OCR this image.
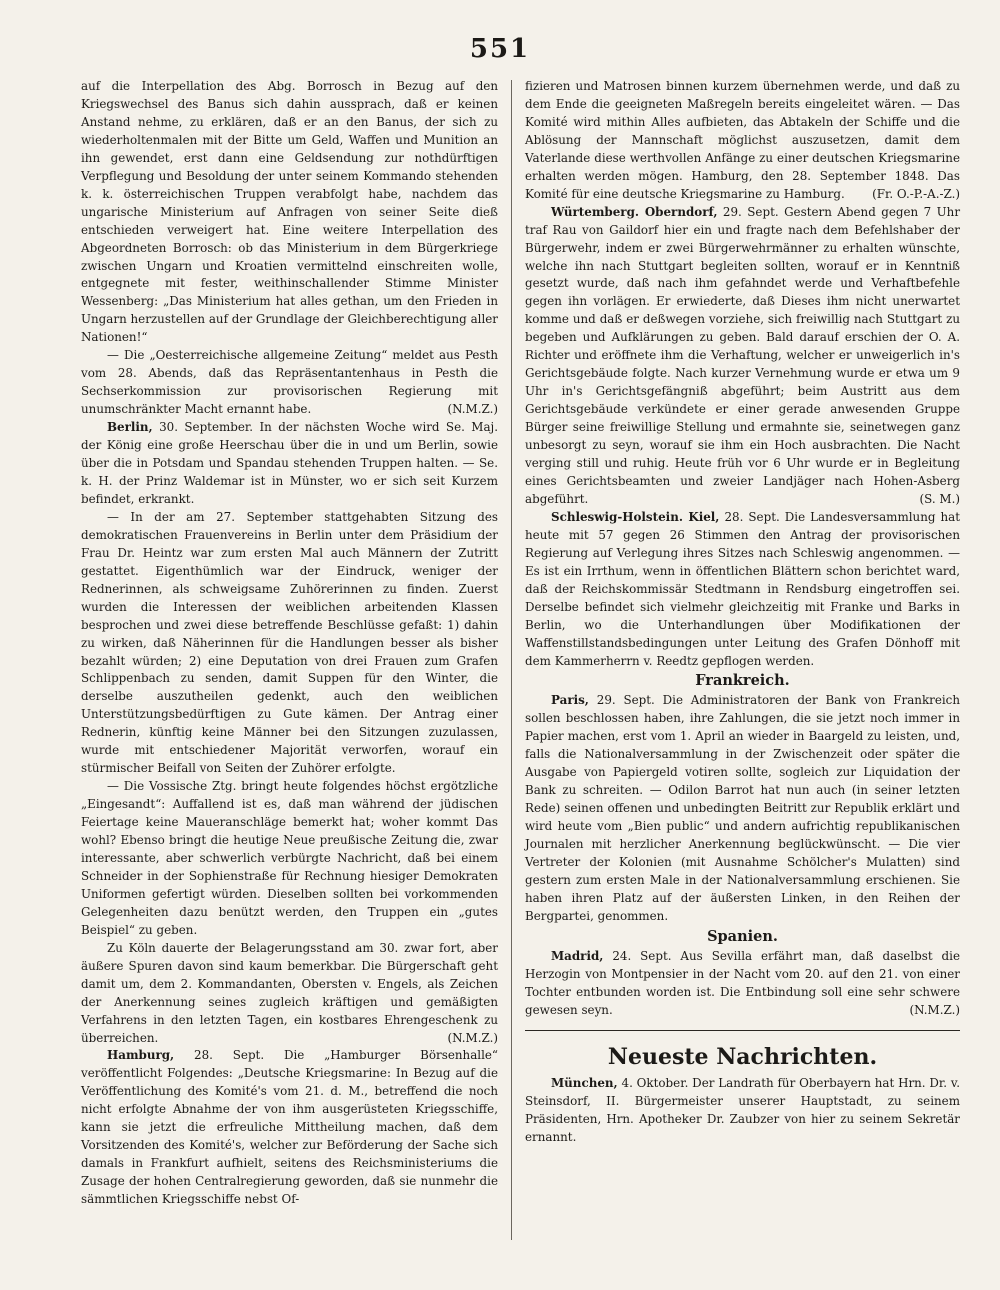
551

auf die Interpellation des Abg. Borrosch in Bezug auf den Kriegswechsel des Banus sich dahin aussprach, daß er keinen Anstand nehme, zu erklären, daß er an den Banus, der sich zu wiederholtenmalen mit der Bitte um Geld, Waffen und Munition an ihn gewendet, erst dann eine Geldsendung zur nothdürftigen Verpflegung und Besoldung der unter seinem Kommando stehenden k. k. österreichischen Truppen verabfolgt habe, nachdem das ungarische Ministerium auf Anfragen von seiner Seite dieß entschieden verweigert hat. Eine weitere Interpellation des Abgeordneten Borrosch: ob das Ministerium in dem Bürgerkriege zwischen Ungarn und Kroatien vermittelnd einschreiten wolle, entgegnete mit fester, weithinschallender Stimme Minister Wessenberg: „Das Ministerium hat alles gethan, um den Frieden in Ungarn herzustellen auf der Grundlage der Gleichberechtigung aller Nationen!“

— Die „Oesterreichische allgemeine Zeitung“ meldet aus Pesth vom 28. Abends, daß das Repräsentantenhaus in Pesth die Sechserkommission zur provisorischen Regierung mit unumschränkter Macht ernannt habe.	(N.M.Z.)

Berlin, 30. September. In der nächsten Woche wird Se. Maj. der König eine große Heerschau über die in und um Berlin, sowie über die in Potsdam und Spandau stehenden Truppen halten. — Se. k. H. der Prinz Waldemar ist in Münster, wo er sich seit Kurzem befindet, erkrankt.

— In der am 27. September stattgehabten Sitzung des demokratischen Frauenvereins in Berlin unter dem Präsidium der Frau Dr. Heintz war zum ersten Mal auch Männern der Zutritt gestattet. Eigenthümlich war der Eindruck, weniger der Rednerinnen, als schweigsame Zuhörerinnen zu finden. Zuerst wurden die Interessen der weiblichen arbeitenden Klassen besprochen und zwei diese betreffende Beschlüsse gefaßt: 1) dahin zu wirken, daß Näherinnen für die Handlungen besser als bisher bezahlt würden; 2) eine Deputation von drei Frauen zum Grafen Schlippenbach zu senden, damit Suppen für den Winter, die derselbe auszutheilen gedenkt, auch den weiblichen Unterstützungsbedürftigen zu Gute kämen. Der Antrag einer Rednerin, künftig keine Männer bei den Sitzungen zuzulassen, wurde mit entschiedener Majorität verworfen, worauf ein stürmischer Beifall von Seiten der Zuhörer erfolgte.

— Die Vossische Ztg. bringt heute folgendes höchst ergötzliche „Eingesandt“: Auffallend ist es, daß man während der jüdischen Feiertage keine Maueranschläge bemerkt hat; woher kommt Das wohl? Ebenso bringt die heutige Neue preußische Zeitung die, zwar interessante, aber schwerlich verbürgte Nachricht, daß bei einem Schneider in der Sophienstraße für Rechnung hiesiger Demokraten Uniformen gefertigt würden. Dieselben sollten bei vorkommenden Gelegenheiten dazu benützt werden, den Truppen ein „gutes Beispiel“ zu geben.

Zu Köln dauerte der Belagerungsstand am 30. zwar fort, aber äußere Spuren davon sind kaum bemerkbar. Die Bürgerschaft geht damit um, dem 2. Kommandanten, Obersten v. Engels, als Zeichen der Anerkennung seines zugleich kräftigen und gemäßigten Verfahrens in den letzten Tagen, ein kostbares Ehrengeschenk zu überreichen.	(N.M.Z.)

Hamburg, 28. Sept. Die „Hamburger Börsenhalle“ veröffentlicht Folgendes: „Deutsche Kriegsmarine: In Bezug auf die Veröffentlichung des Komité's vom 21. d. M., betreffend die noch nicht erfolgte Abnahme der von ihm ausgerüsteten Kriegsschiffe, kann sie jetzt die erfreuliche Mittheilung machen, daß dem Vorsitzenden des Komité's, welcher zur Beförderung der Sache sich damals in Frankfurt aufhielt, seitens des Reichsministeriums die Zusage der hohen Centralregierung geworden, daß sie nunmehr die sämmtlichen Kriegsschiffe nebst Of-

fizieren und Matrosen binnen kurzem übernehmen werde, und daß zu dem Ende die geeigneten Maßregeln bereits eingeleitet wären. — Das Komité wird mithin Alles aufbieten, das Abtakeln der Schiffe und die Ablösung der Mannschaft möglichst auszusetzen, damit dem Vaterlande diese werthvollen Anfänge zu einer deutschen Kriegsmarine erhalten werden mögen. Hamburg, den 28. September 1848. Das Komité für eine deutsche Kriegsmarine zu Hamburg.	(Fr. O.-P.-A.-Z.)

Würtemberg. Oberndorf, 29. Sept. Gestern Abend gegen 7 Uhr traf Rau von Gaildorf hier ein und fragte nach dem Befehlshaber der Bürgerwehr, indem er zwei Bürgerwehrmänner zu erhalten wünschte, welche ihn nach Stuttgart begleiten sollten, worauf er in Kenntniß gesetzt wurde, daß nach ihm gefahndet werde und Verhaftbefehle gegen ihn vorlägen. Er erwiederte, daß Dieses ihm nicht unerwartet komme und daß er deßwegen vorziehe, sich freiwillig nach Stuttgart zu begeben und Aufklärungen zu geben. Bald darauf erschien der O. A. Richter und eröffnete ihm die Verhaftung, welcher er unweigerlich in's Gerichtsgebäude folgte. Nach kurzer Vernehmung wurde er etwa um 9 Uhr in's Gerichtsgefängniß abgeführt; beim Austritt aus dem Gerichtsgebäude verkündete er einer gerade anwesenden Gruppe Bürger seine freiwillige Stellung und ermahnte sie, seinetwegen ganz unbesorgt zu seyn, worauf sie ihm ein Hoch ausbrachten. Die Nacht verging still und ruhig. Heute früh vor 6 Uhr wurde er in Begleitung eines Gerichtsbeamten und zweier Landjäger nach Hohen-Asberg abgeführt.	(S. M.)

Schleswig-Holstein. Kiel, 28. Sept. Die Landesversammlung hat heute mit 57 gegen 26 Stimmen den Antrag der provisorischen Regierung auf Verlegung ihres Sitzes nach Schleswig angenommen. — Es ist ein Irrthum, wenn in öffentlichen Blättern schon berichtet ward, daß der Reichskommissär Stedtmann in Rendsburg eingetroffen sei. Derselbe befindet sich vielmehr gleichzeitig mit Franke und Barks in Berlin, wo die Unterhandlungen über Modifikationen der Waffenstillstandsbedingungen unter Leitung des Grafen Dönhoff mit dem Kammerherrn v. Reedtz gepflogen werden.

Frankreich.

Paris, 29. Sept. Die Administratoren der Bank von Frankreich sollen beschlossen haben, ihre Zahlungen, die sie jetzt noch immer in Papier machen, erst vom 1. April an wieder in Baargeld zu leisten, und, falls die Nationalversammlung in der Zwischenzeit oder später die Ausgabe von Papiergeld votiren sollte, sogleich zur Liquidation der Bank zu schreiten. — Odilon Barrot hat nun auch (in seiner letzten Rede) seinen offenen und unbedingten Beitritt zur Republik erklärt und wird heute vom „Bien public“ und andern aufrichtig republikanischen Journalen mit herzlicher Anerkennung beglückwünscht. — Die vier Vertreter der Kolonien (mit Ausnahme Schölcher's Mulatten) sind gestern zum ersten Male in der Nationalversammlung erschienen. Sie haben ihren Platz auf der äußersten Linken, in den Reihen der Bergpartei, genommen.

Spanien.

Madrid, 24. Sept. Aus Sevilla erfährt man, daß daselbst die Herzogin von Montpensier in der Nacht vom 20. auf den 21. von einer Tochter entbunden worden ist. Die Entbindung soll eine sehr schwere gewesen seyn.	(N.M.Z.)

Neueste Nachrichten.

München, 4. Oktober. Der Landrath für Oberbayern hat Hrn. Dr. v. Steinsdorf, II. Bürgermeister unserer Hauptstadt, zu seinem Präsidenten, Hrn. Apotheker Dr. Zaubzer von hier zu seinem Sekretär ernannt.
